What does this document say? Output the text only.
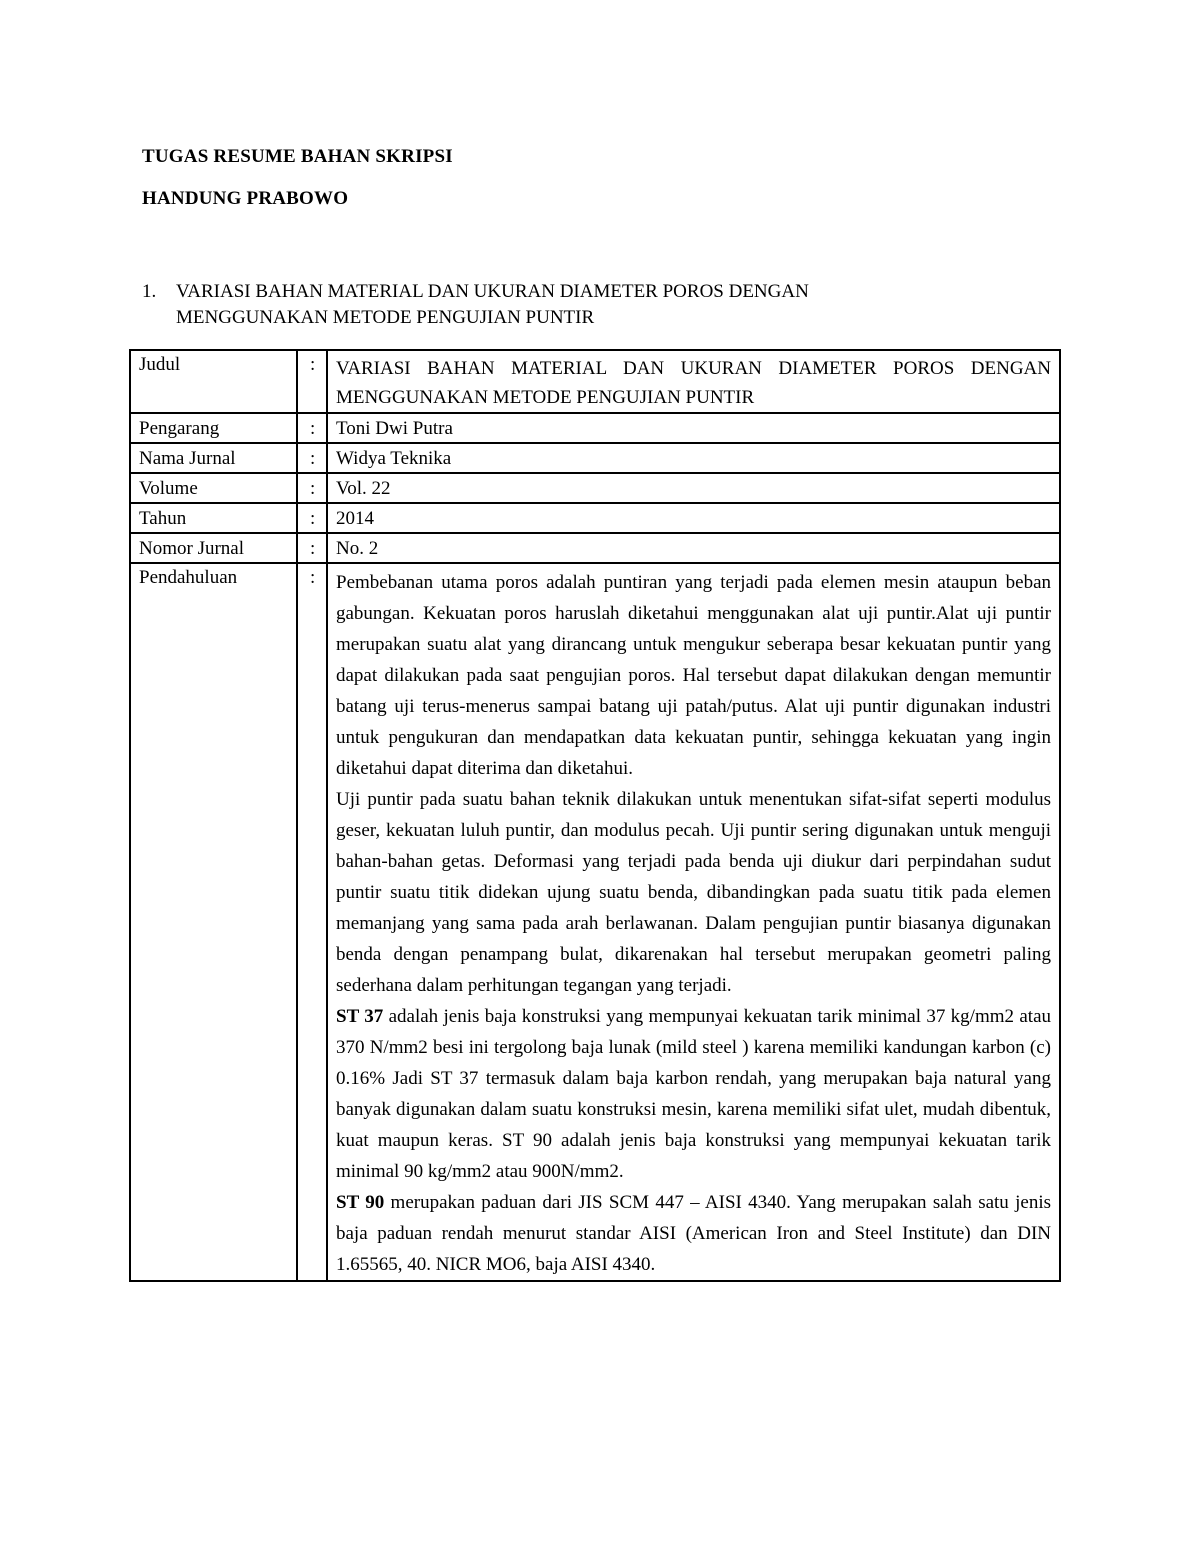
TUGAS RESUME BAHAN SKRIPSI

HANDUNG PRABOWO

1. VARIASI BAHAN MATERIAL DAN UKURAN DIAMETER POROS DENGAN
MENGGUNAKAN METODE PENGUJIAN PUNTIR
Judul	:	VARIASI BAHAN MATERIAL DAN UKURAN DIAMETER POROS DENGAN MENGGUNAKAN METODE PENGUJIAN PUNTIR
Pengarang	:	Toni Dwi Putra
Nama Jurnal	:	Widya Teknika
Volume	:	Vol. 22
Tahun	:	2014
Nomor Jurnal	:	No. 2
Pendahuluan	:	Pembebanan utama poros adalah puntiran yang terjadi pada elemen mesin ataupun beban gabungan. Kekuatan poros haruslah diketahui menggunakan alat uji puntir.Alat uji puntir merupakan suatu alat yang dirancang untuk mengukur seberapa besar kekuatan puntir yang dapat dilakukan pada saat pengujian poros. Hal tersebut dapat dilakukan dengan memuntir batang uji terus-menerus sampai batang uji patah/putus. Alat uji puntir digunakan industri untuk pengukuran dan mendapatkan data kekuatan puntir, sehingga kekuatan yang ingin diketahui dapat diterima dan diketahui.

Uji puntir pada suatu bahan teknik dilakukan untuk menentukan sifat-sifat seperti modulus geser, kekuatan luluh puntir, dan modulus pecah. Uji puntir sering digunakan untuk menguji bahan-bahan getas. Deformasi yang terjadi pada benda uji diukur dari perpindahan sudut puntir suatu titik didekan ujung suatu benda, dibandingkan pada suatu titik pada elemen memanjang yang sama pada arah berlawanan. Dalam pengujian puntir biasanya digunakan benda dengan penampang bulat, dikarenakan hal tersebut merupakan geometri paling sederhana dalam perhitungan tegangan yang terjadi.

ST 37 adalah jenis baja konstruksi yang mempunyai kekuatan tarik minimal 37 kg/mm2 atau 370 N/mm2 besi ini tergolong baja lunak (mild steel ) karena memiliki kandungan karbon (c) 0.16% Jadi ST 37 termasuk dalam baja karbon rendah, yang merupakan baja natural yang banyak digunakan dalam suatu konstruksi mesin, karena memiliki sifat ulet, mudah dibentuk, kuat maupun keras. ST 90 adalah jenis baja konstruksi yang mempunyai kekuatan tarik minimal 90 kg/mm2 atau 900N/mm2.

ST 90 merupakan paduan dari JIS SCM 447 – AISI 4340. Yang merupakan salah satu jenis baja paduan rendah menurut standar AISI (American Iron and Steel Institute) dan DIN 1.65565, 40. NICR MO6, baja AISI 4340.
